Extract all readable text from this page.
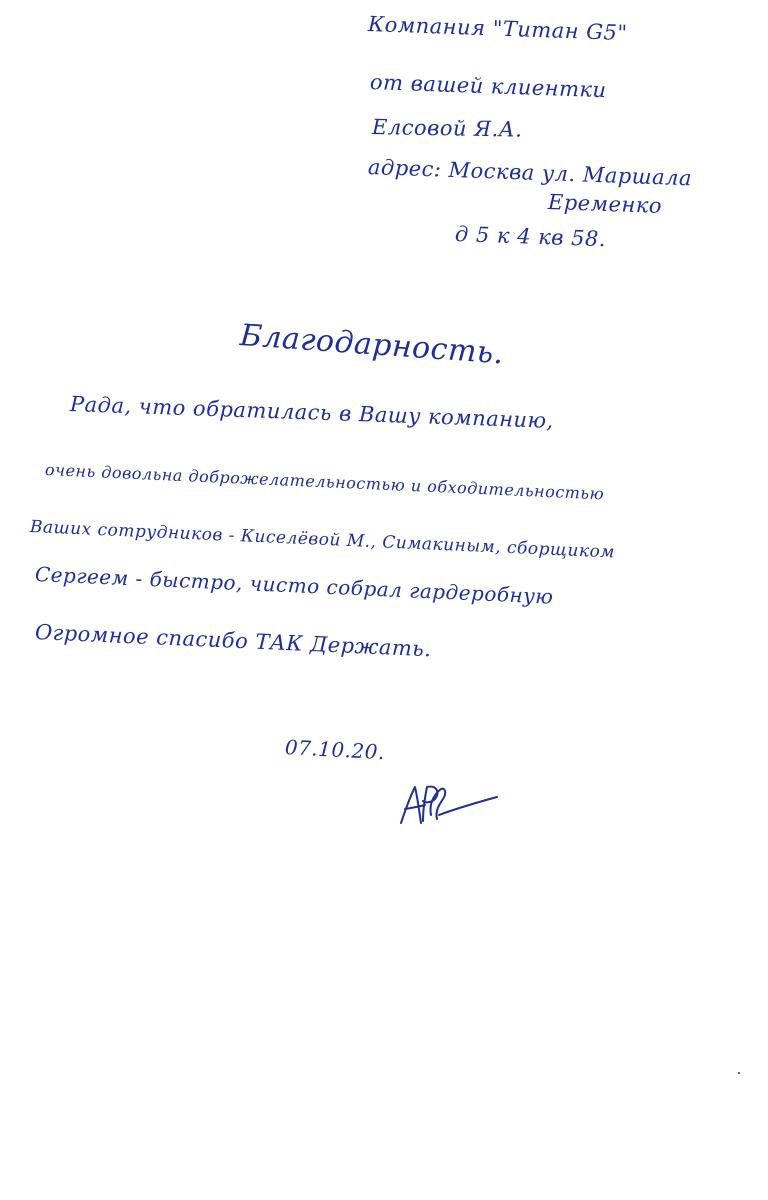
Компания "Титан G5"
от вашей клиентки
Елсовой Я.А.
адрес: Москва ул. Маршала
Еременко
д 5 к 4 кв 58.
Благодарность.
Рада, что обратилась в Вашу компанию,
очень довольна доброжелательностью и обходительностью
Ваших сотрудников - Киселёвой М., Симакиным, сборщиком
Сергеем - быстро, чисто собрал гардеробную
Огромное спасибо ТАК Держать.
07.10.20.
